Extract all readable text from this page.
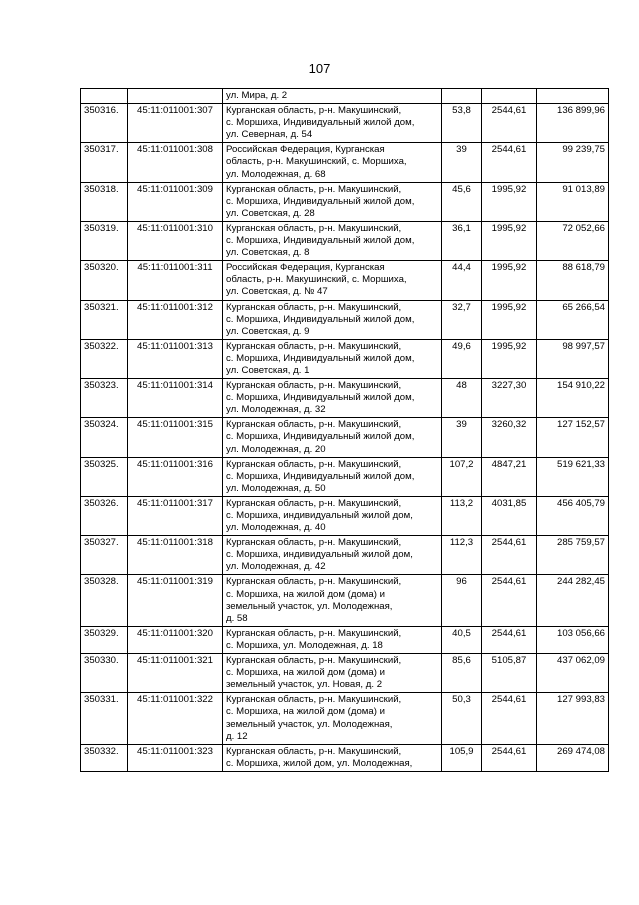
107

		ул. Мира, д. 2			

350316.	45:11:011001:307	Курганская область, р-н. Макушинский,
с. Моршиха, Индивидуальный жилой дом,
ул. Северная, д. 54	53,8	2544,61	136 899,96
350317.	45:11:011001:308	Российская Федерация, Курганская
область, р-н. Макушинский, с. Моршиха,
ул. Молодежная, д. 68	39	2544,61	99 239,75
350318.	45:11:011001:309	Курганская область, р-н. Макушинский,
с. Моршиха, Индивидуальный жилой дом,
ул. Советская, д. 28	45,6	1995,92	91 013,89
350319.	45:11:011001:310	Курганская область, р-н. Макушинский,
с. Моршиха, Индивидуальный жилой дом,
ул. Советская, д. 8	36,1	1995,92	72 052,66
350320.	45:11:011001:311	Российская Федерация, Курганская
область, р-н. Макушинский, с. Моршиха,
ул. Советская, д. № 47	44,4	1995,92	88 618,79
350321.	45:11:011001:312	Курганская область, р-н. Макушинский,
с. Моршиха, Индивидуальный жилой дом,
ул. Советская, д. 9	32,7	1995,92	65 266,54
350322.	45:11:011001:313	Курганская область, р-н. Макушинский,
с. Моршиха, Индивидуальный жилой дом,
ул. Советская, д. 1	49,6	1995,92	98 997,57
350323.	45:11:011001:314	Курганская область, р-н. Макушинский,
с. Моршиха, Индивидуальный жилой дом,
ул. Молодежная, д. 32	48	3227,30	154 910,22
350324.	45:11:011001:315	Курганская область, р-н. Макушинский,
с. Моршиха, Индивидуальный жилой дом,
ул. Молодежная, д. 20	39	3260,32	127 152,57
350325.	45:11:011001:316	Курганская область, р-н. Макушинский,
с. Моршиха, Индивидуальный жилой дом,
ул. Молодежная, д. 50	107,2	4847,21	519 621,33
350326.	45:11:011001:317	Курганская область, р-н. Макушинский,
с. Моршиха, индивидуальный жилой дом,
ул. Молодежная, д. 40	113,2	4031,85	456 405,79
350327.	45:11:011001:318	Курганская область, р-н. Макушинский,
с. Моршиха, индивидуальный жилой дом,
ул. Молодежная, д. 42	112,3	2544,61	285 759,57
350328.	45:11:011001:319	Курганская область, р-н. Макушинский,
с. Моршиха, на жилой дом (дома) и
земельный участок, ул. Молодежная,
д. 58	96	2544,61	244 282,45
350329.	45:11:011001:320	Курганская область, р-н. Макушинский,
с. Моршиха, ул. Молодежная, д. 18	40,5	2544,61	103 056,66
350330.	45:11:011001:321	Курганская область, р-н. Макушинский,
с. Моршиха, на жилой дом (дома) и
земельный участок, ул. Новая, д. 2	85,6	5105,87	437 062,09
350331.	45:11:011001:322	Курганская область, р-н. Макушинский,
с. Моршиха, на жилой дом (дома) и
земельный участок, ул. Молодежная,
д. 12	50,3	2544,61	127 993,83
350332.	45:11:011001:323	Курганская область, р-н. Макушинский,
с. Моршиха, жилой дом, ул. Молодежная,	105,9	2544,61	269 474,08
